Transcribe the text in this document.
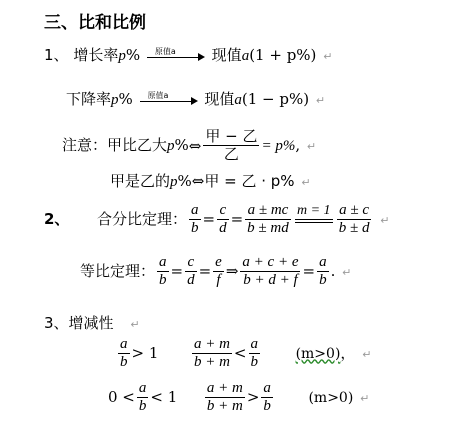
三、比和比例
1、 增长率p% 原值a 现值a(1 + p%) ↵
下降率p% 原值a 现值a(1 − p%) ↵
注意：甲比乙大p%⇔ $\frac{\text{甲 − 乙}}{\text{乙}} = p\%$, ↵
甲是乙的p%⇔甲 = 乙 · p% ↵
2、 合分比定理： $\frac{a}{b} = \frac{c}{d} = \frac{a \pm mc}{b \pm md}$ $m = 1 \frac{a \pm c}{b \pm d}$ ↵
等比定理： $\frac{a}{b} = \frac{c}{d} = \frac{e}{f}$ ⇒ $\frac{a + c + e}{b + d + f} = \frac{a}{b}$ . ↵
3、增减性 ↵
$\frac{a}{b} > 1 \frac{a + m}{b + m} < \frac{a}{b}$	(m>0)， ↵
$0 < \frac{a}{b} < 1 \frac{a + m}{b + m} > \frac{a}{b}$	(m>0) ↵
